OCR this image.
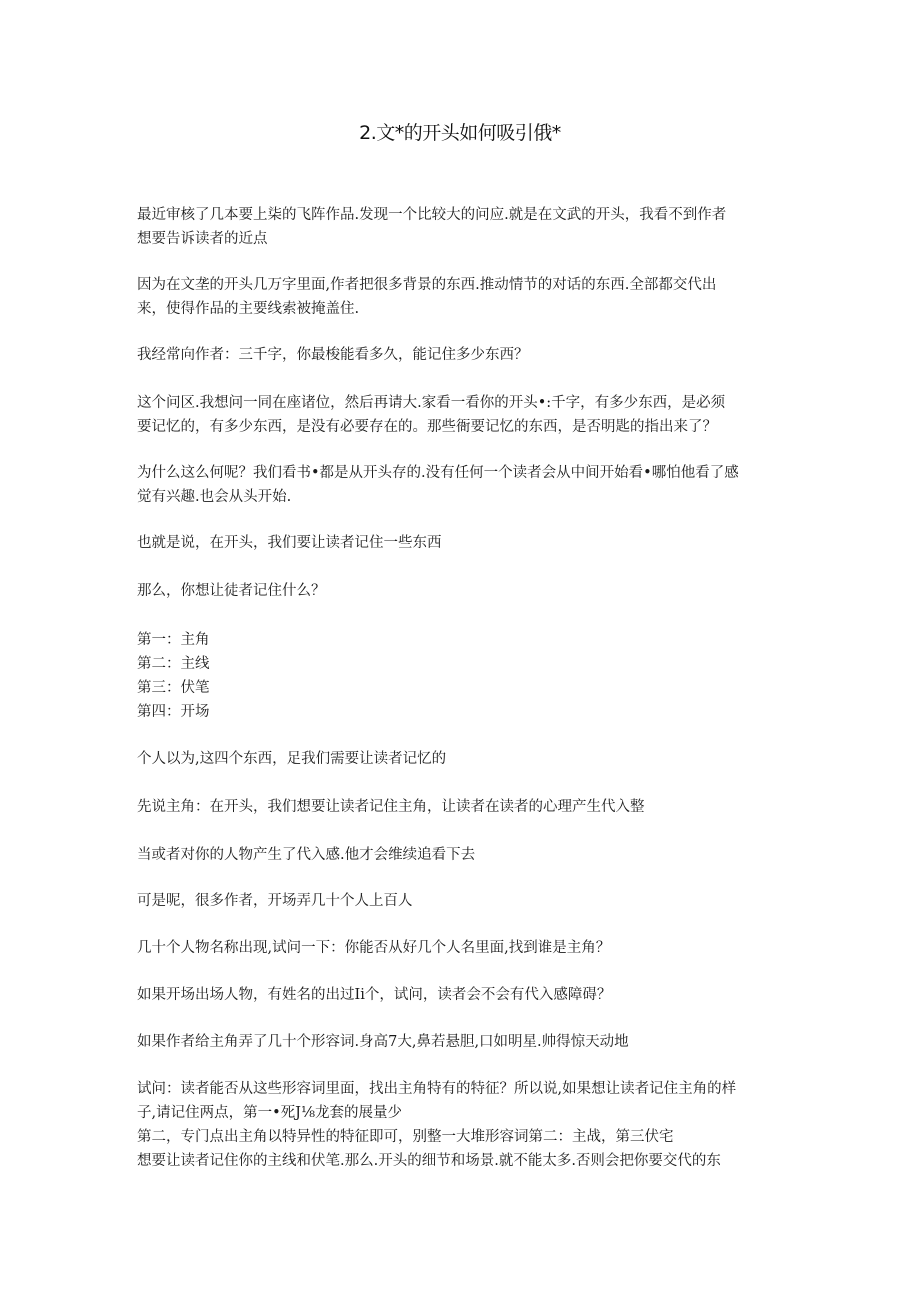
2.文*的开头如何吸引俄*
最近审核了几本要上柒的飞阵作品.发现一个比较大的问应.就是在文武的开头，我看不到作者
想要告诉读者的近点
因为在文垄的开头几万字里面,作者把很多背景的东西.推动情节的对话的东西.全部都交代出
来，使得作品的主要线索被掩盖住.
我经常向作者：三千字，你最梭能看多久，能记住多少东西？
这个问区.我想问一同在座诸位，然后再请大.家看一看你的开头•:千字，有多少东西，是必须
要记忆的，有多少东西，是没有必要存在的。那些衙要记忆的东西，是否明匙的指出来了？
为什么这么何呢？我们看书•都是从开头存的.没有任何一个读者会从中间开始看•哪怕他看了感
觉有兴趣.也会从头开始.
也就是说，在开头，我们要让读者记住一些东西
那么，你想让徒者记住什么？
第一：主角
第二：主线
第三：伏笔
第四：开场
个人以为,这四个东西，足我们需要让读者记忆的
先说主角：在开头，我们想要让读者记住主角，让读者在读者的心理产生代入整
当或者对你的人物产生了代入感.他才会维续追看下去
可是呢，很多作者，开场弄几十个人上百人
几十个人物名称出现,试问一下：你能否从好几个人名里面,找到谁是主角？
如果开场出场人物，有姓名的出过Ii个，试问，读者会不会有代入感障碍？
如果作者给主角弄了几十个形容词.身高7大,鼻若悬胆,口如明星.帅得惊天动地
试问：读者能否从这些形容词里面，找出主角特有的特征？所以说,如果想让读者记住主角的样
子,请记住两点，第一•死J⅛龙套的展量少
第二，专门点出主角以特异性的特征即可，别整一大堆形容词第二：主战，第三伏宅
想要让读者记住你的主线和伏笔.那么.开头的细节和场景.就不能太多.否则会把你要交代的东
